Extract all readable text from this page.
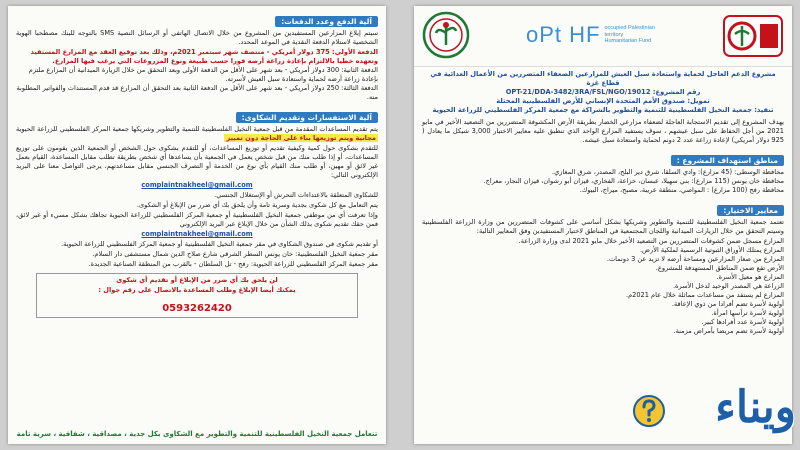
آلية الدفع وعدد الدفعات:

سيتم إبلاغ المزارعين المستفيدين من المشروع من خلال الاتصال الهاتفي أو الرسائل النصية SMS بالتوجه للبنك مصطحبا الهوية الشخصية لاستلام الدفعة النقدية في الموعد المحدد.

الدفعة الأولى: 375 دولار أمريكي - منتصف شهر سبتمبر 2021م، وذلك بعد توقيع العقد مع المزارع المستفيد وتعهده خطيا بالالتزام بإعادة زراعة أرضه فورا حسب طبيعة ونوع المزروعات التي يرغب فيها المزارع.

الدفعة الثانية: 300 دولار أمريكي - بعد شهر على الأقل من الدفعة الأولى وبعد التحقق من خلال الزيارة الميدانية أن المزارع ملتزم بإعادة زراعة أرضه لحماية واستعادة سبل العيش لأسرته.

الدفعة الثالثة: 250 دولار أمريكي - بعد شهر على الأقل من الدفعة الثانية بعد التحقق أن المزارع قد قدم المستندات والفواتير المطلوبة منه.

آلية الاستفسارات وتقديم الشكاوى:

يتم تقديم المساعدات المقدمة من قبل جمعية النخيل الفلسطينية للتنمية والتطوير وشريكها جمعية المركز الفلسطيني للزراعة الحيوية مجانية ويتم توزيعها بناء على الحاجة دون تمييز

للتقدم بشكوى حول كمية وكيفية تقديم أو توزيع المساعدات، أو للتقدم بشكوى حول الشخص أو الجمعية الذين يقومون على توزيع المساعدات، أو إذا طلب منك من قبل شخص يعمل في الجمعية بأن يساعدها أي شخص بطريقة تطلب مقابل المساعدة، القيام بعمل غير لائق أو مهين، أو طلب منك القيام بأي نوع من الخدمة أو التصرف الجنسي مقابل مساعدتهم، يرجى التواصل معنا على البريد الإلكتروني التالي:

complaintnakheel@gmail.com

للشكاوى المتعلقة بالاعتداءات التحرش أو الإستغلال الجنسي.

يتم التعامل مع كل شكوى بجدية وسرية تامة وأن يلحق بك أي ضرر من الإبلاغ أو الشكوى.

وإذا تعرفت أي من موظفي جمعية النخيل الفلسطينية أو جمعية المركز الفلسطيني للزراعة الحيوية تجاهك بشكل مسيء أو غير لائق، فمن حقك تقديم شكوى بذلك الشأن من خلال الإبلاغ عبر البريد الإلكتروني

complaintnakheel@gmail.com

أو تقديم شكوى في صندوق الشكاوى في مقر جمعية النخيل الفلسطينية أو جمعية المركز الفلسطيني للزراعة الحيوية.

مقر جمعية النخيل الفلسطينية: خان يونس السطر الشرقي شارع صلاح الدين شمال مستشفى دار السلام.

مقر جمعية المركز الفلسطيني للزراعة الحيوية: رفح - تل السلطان - بالقرب من المنطقة الصناعية الجديدة.

لن يلحق بك أي ضرر من الإبلاغ أو تقديم أي شكوى
يمكنك أيضا الإبلاغ وطلب المساعدة بالاتصال على رقم جوال :
0593262420
تتعامل جمعية النخيل الفلسطينية للتنمية والتطوير مع الشكاوى بكل جدية ، مصداقية ، شفافية ، سرية تامة
oPt HF occupied Palestinian territory Humanitarian Fund
مشروع الدعم العاجل لحماية واستعادة سبل العيش للمزارعين الضعفاء المتضررين من الأعمال العدائية في قطاع غزة
رقم المشروع: OPT-21/DDA-3482/3RA/FSL/NGO/19012
تمويل: صندوق الأمم المتحدة الإنساني للأرض الفلسطينية المحتلة
تنفيذ: جمعية النخيل الفلسطينية للتنمية والتطوير بالشراكة مع جمعية المركز الفلسطيني للزراعة الحيوية

يهدف المشروع إلى تقديم الاستجابة العاجلة لضعفاء مزارعي الخضار بطريقة الأرض المكشوفة المتضررين من التصعيد الأخير في مايو 2021 من أجل الحفاظ على سبل عيشهم ، سوف يستفيد المزارع الواحد الذي تنطبق عليه معايير الاختيار 3,000 شيكل ما يعادل ( 925 دولار أمريكي) لإعادة زراعة عدد 2 دونم لحماية واستعادة سبل عيشه.

مناطق استهداف المشروع :

محافظة الوسطى: (45 مزارع): وادي السلقا، شرق دير البلح، المصدر، شرق المغازي.

محافظة خان يونس (115 مزارع): بني سهيلا، عبسان، خزاعة، الفخاري، قيزان أبو رشوان، قيزان النجار، معراج.

محافظة رفح (100 مزارع) : المواصي، منطقة عريبة، مصبح، ميراج، البيوك.

معايير الاختيار:

تعتمد جمعية النخيل الفلسطينية للتنمية والتطوير وشريكها بشكل أساسي على كشوفات المتضررين من وزارة الزراعة الفلسطينية وسيتم التحقق من خلال الزيارات الميدانية واللجان المجتمعية في المناطق لاختيار المستفيدين وفق المعايير التالية:

المزارع مسجل ضمن كشوفات المتضررين من التصعيد الأخير خلال مايو 2021 لدى وزارة الزراعة.

المزارع يمتلك الأوراق الثبوتية الرسمية لملكية الأرض.

المزارع من صغار المزارعين ومساحة أرضه لا تزيد عن 3 دونمات.

الأرض تقع ضمن المناطق المستهدفة للمشروع.

المزارع هو معيل الأسرة.

الزراعة هي المصدر الوحيد لدخل الأسرة.

المزارع لم يستفد من مساعدات مماثلة خلال عام 2021م.

أولوية لأسرة تضم أفرادا من ذوي الإعاقة.

أولوية لأسرة ترأسها امرأة.

أولوية لأسرة عدد أفرادها كبير.

أولوية لأسرة تضم مريضا بأمراض مزمنة.

ويناء
